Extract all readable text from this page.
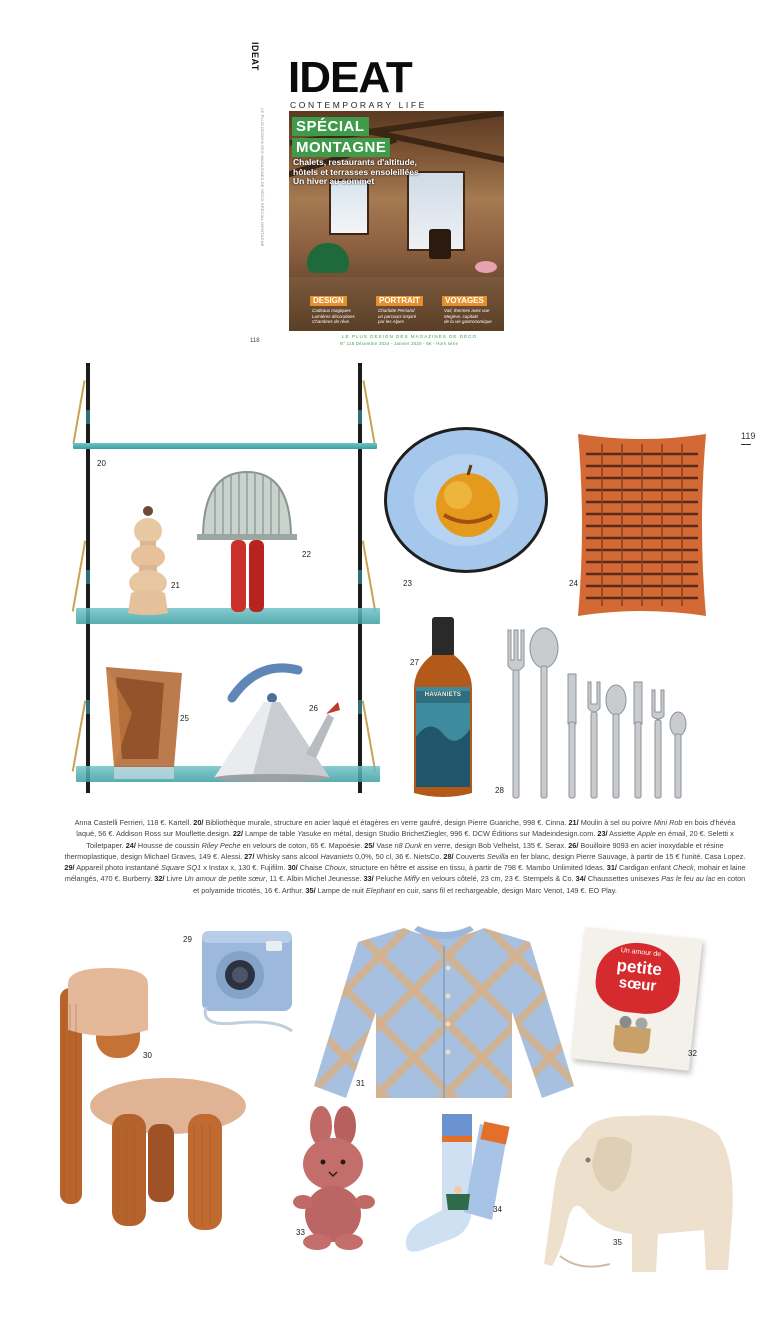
IDEAT
LE PLUS DESIGN DES MAGAZINES DE DÉCO SPÉCIAL MONTAGNE
118
IDEAT
CONTEMPORARY LIFE
SPÉCIAL
MONTAGNE
Chalets, restaurants d'altitude,
hôtels et terrasses ensoleillées
Un hiver au sommet
DESIGN
Cadeaux magiques
Lumières décoratives
Chambres de rêve
PORTRAIT
Charlotte Perriand
un parcours inspiré
par les Alpes
VOYAGES
Vail, thermes avec vue
Megève, capitale
de la vie gastronomique
LE PLUS DESIGN DES MAGAZINES DE DÉCO
N° 118 Décembre 2024 - Janvier 2025 - 6€ - Hors série
119
20
21
22
23	24
25
26
HAVANIETS
27
28
Anna Castelli Ferrieri, 118 €. Kartell. 20/ Bibliothèque murale, structure en acier laqué et étagères en verre gaufré, design Pierre Guariche, 998 €. Cinna. 21/ Moulin à sel ou poivre Mini Rob en bois d'hévéa laqué, 56 €. Addison Ross sur Mouflette.design. 22/ Lampe de table Yasuke en métal, design Studio BrichetZiegler, 996 €. DCW Éditions sur Madeindesign.com. 23/ Assiette Apple en émail, 20 €. Seletti x Toiletpaper. 24/ Housse de coussin Riley Peche en velours de coton, 65 €. Mapoésie. 25/ Vase n8 Dunk en verre, design Bob Velhelst, 135 €. Serax. 26/ Bouilloire 9093 en acier inoxydable et résine thermoplastique, design Michael Graves, 149 €. Alessi. 27/ Whisky sans alcool Havaniets 0,0%, 50 cl, 36 €. NietsCo. 28/ Couverts Sevilla en fer blanc, design Pierre Sauvage, à partir de 15 € l'unité. Casa Lopez. 29/ Appareil photo instantané Square SQ1 x Instax x, 130 €. Fujifilm. 30/ Chaise Choux, structure en hêtre et assise en tissu, à partir de 798 €. Mambo Unlimited Ideas. 31/ Cardigan enfant Check, mohair et laine mélangés, 470 €. Burberry. 32/ Livre Un amour de petite sœur, 11 €. Albin Michel Jeunesse. 33/ Peluche Miffy en velours côtelé, 23 cm, 23 €. Stempels & Co. 34/ Chaussettes unisexes Pas le feu au lac en coton et polyamide tricotés, 16 €. Arthur. 35/ Lampe de nuit Elephant en cuir, sans fil et rechargeable, design Marc Venot, 149 €. EO Play.
29
30
31
Un amour de
petite
sœur
32
33
34
35
